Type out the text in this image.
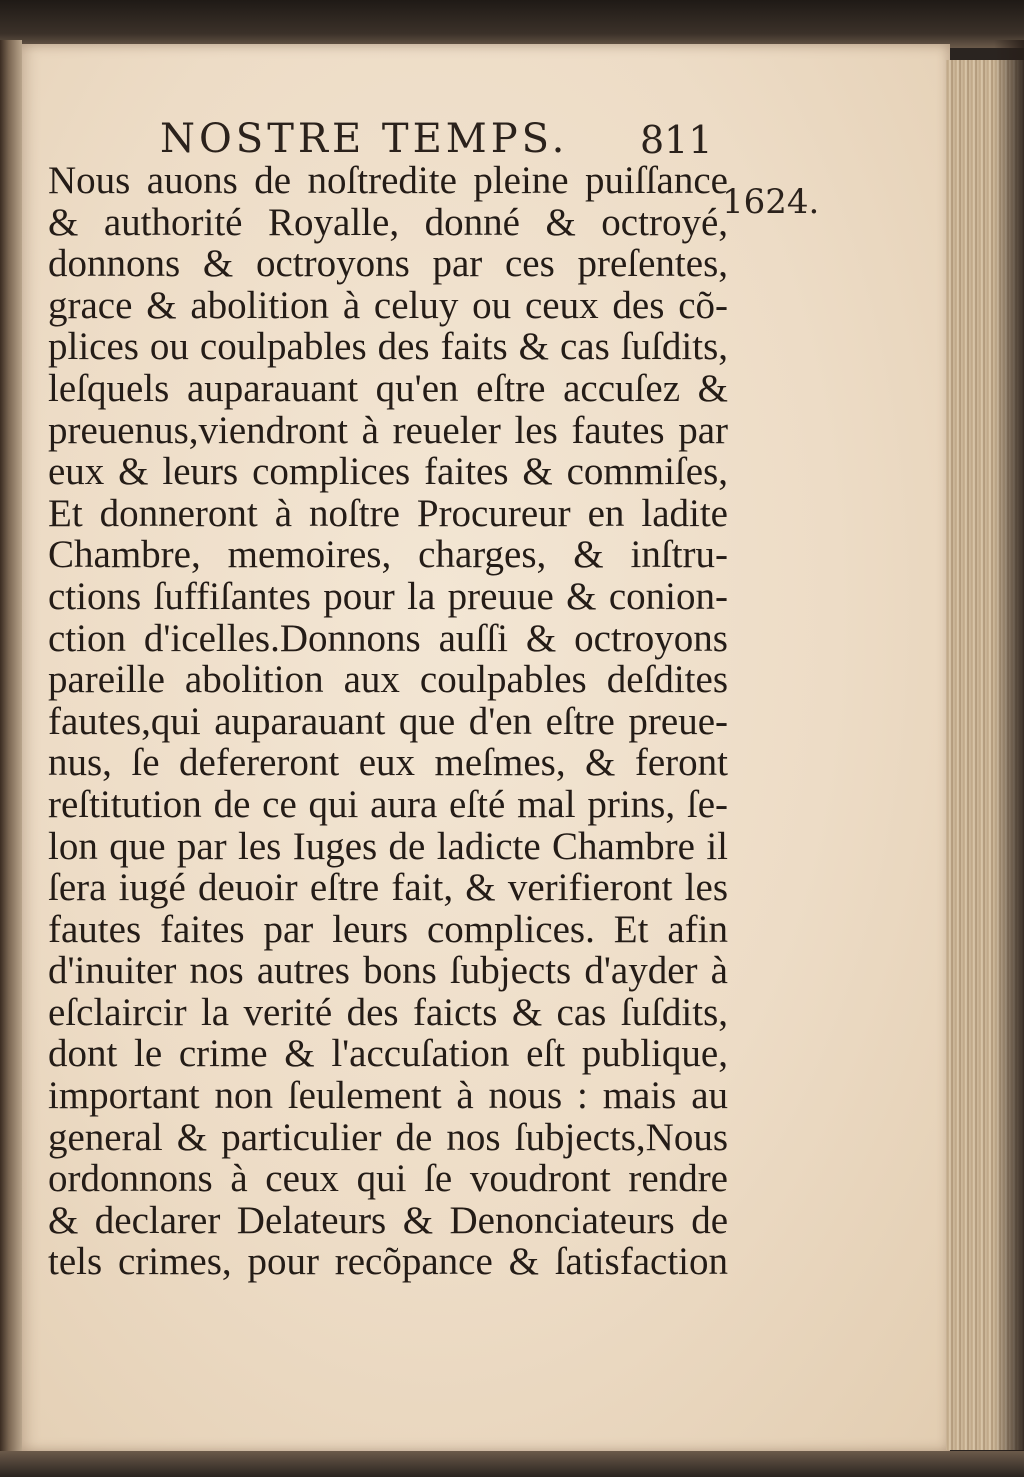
NOSTRE TEMPS. 811
1624.
Nous auons de noſtredite pleine puiſſance
& authorité Royalle, donné & octroyé,
donnons & octroyons par ces preſentes,
grace & abolition à celuy ou ceux des cõ-
plices ou coulpables des faits & cas ſuſdits,
leſquels auparauant qu'en eſtre accuſez &
preuenus,viendront à reueler les fautes par
eux & leurs complices faites & commiſes,
Et donneront à noſtre Procureur en ladite
Chambre, memoires, charges, & inſtru-
ctions ſuffiſantes pour la preuue & conion-
ction d'icelles.Donnons auſſi & octroyons
pareille abolition aux coulpables deſdites
fautes,qui auparauant que d'en eſtre preue-
nus, ſe defereront eux meſmes, & feront
reſtitution de ce qui aura eſté mal prins, ſe-
lon que par les Iuges de ladicte Chambre il
ſera iugé deuoir eſtre fait, & verifieront les
fautes faites par leurs complices. Et afin
d'inuiter nos autres bons ſubjects d'ayder à
eſclaircir la verité des faicts & cas ſuſdits,
dont le crime & l'accuſation eſt publique,
important non ſeulement à nous : mais au
general & particulier de nos ſubjects,Nous
ordonnons à ceux qui ſe voudront rendre
& declarer Delateurs & Denonciateurs de
tels crimes, pour recõpance & ſatisfaction
